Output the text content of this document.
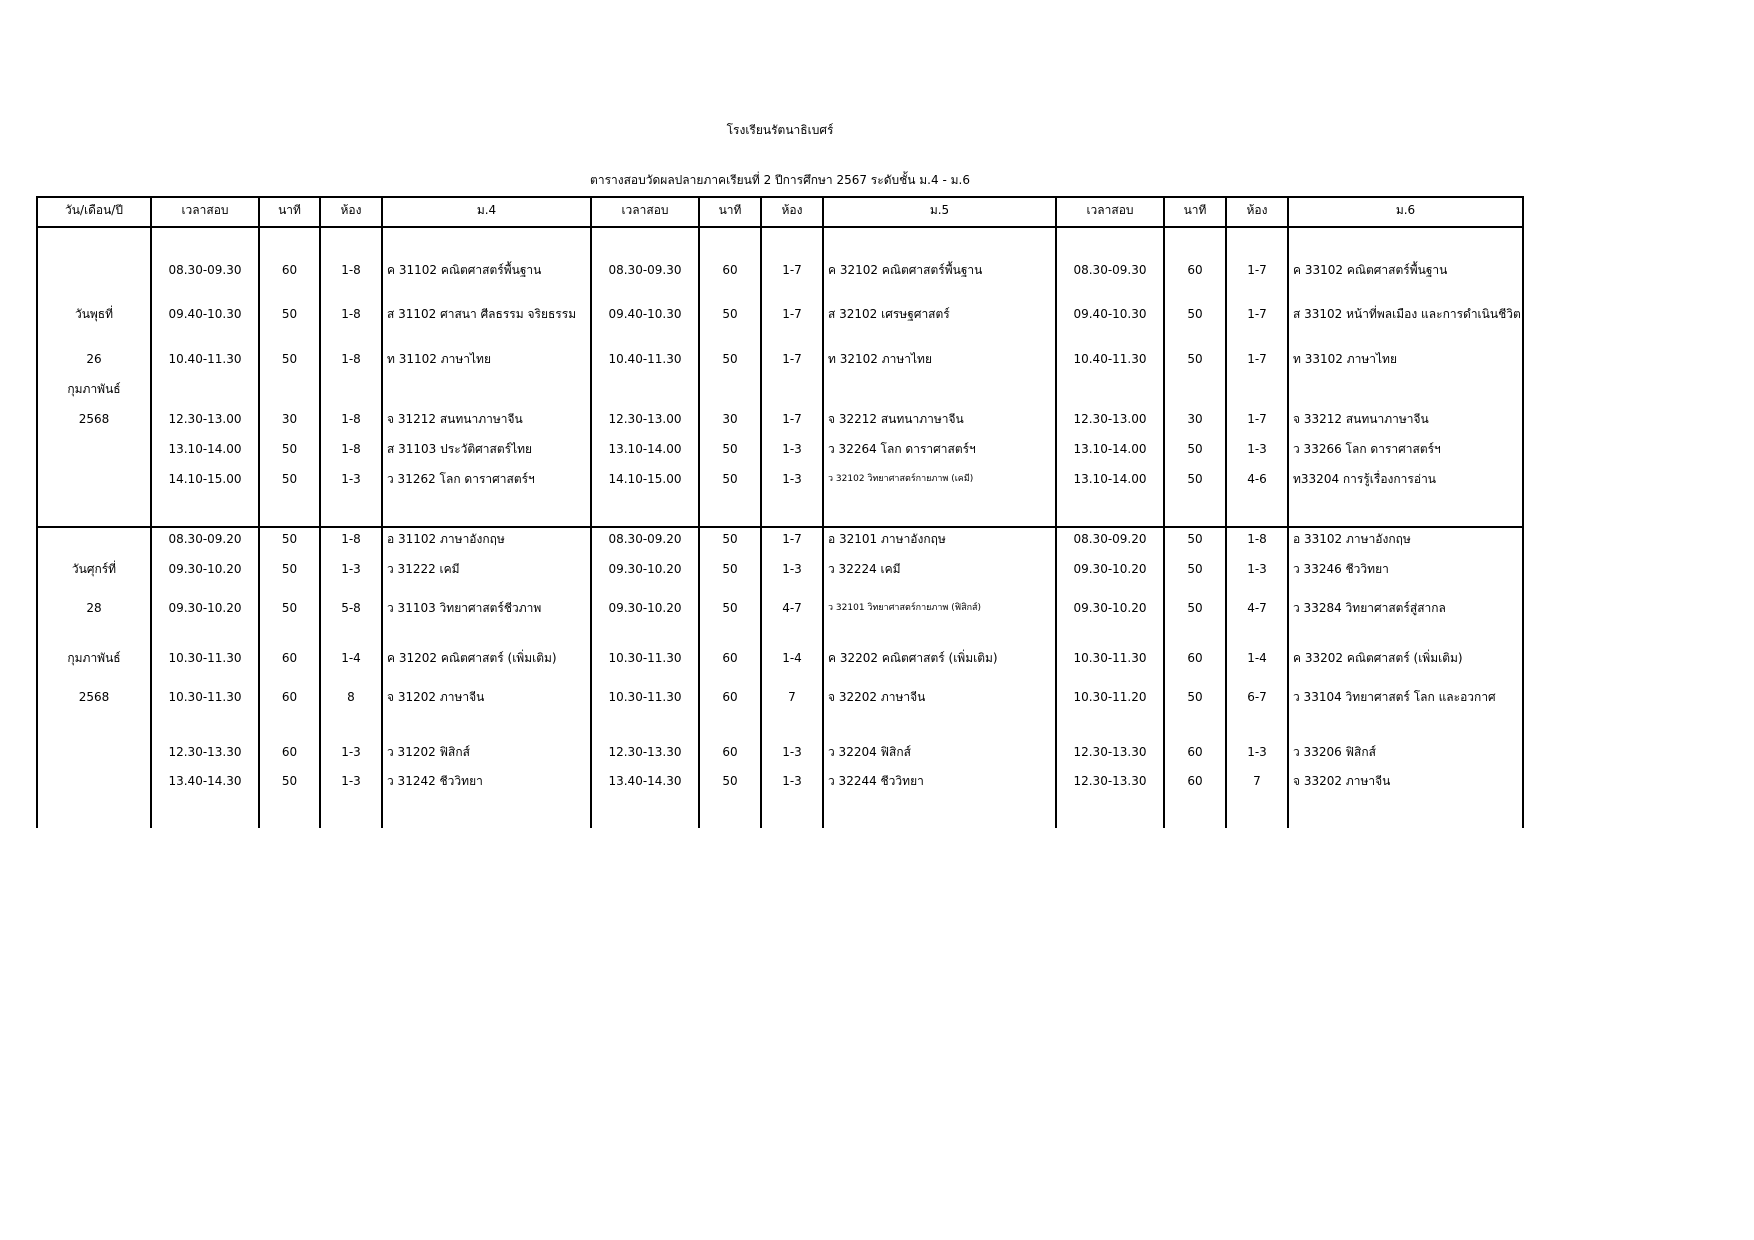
โรงเรียนรัตนาธิเบศร์
ตารางสอบวัดผลปลายภาคเรียนที่ 2 ปีการศึกษา 2567 ระดับชั้น ม.4 - ม.6
วัน/เดือน/ปี	เวลาสอบ	นาที	ห้อง	ม.4	เวลาสอบ	นาที	ห้อง	ม.5	เวลาสอบ	นาที	ห้อง	ม.6
วันพุธที่
26
กุมภาพันธ์
2568
08.30-09.30	60	1-8	ค 31102 คณิตศาสตร์พื้นฐาน	08.30-09.30	60	1-7	ค 32102 คณิตศาสตร์พื้นฐาน	08.30-09.30	60	1-7	ค 33102 คณิตศาสตร์พื้นฐาน
09.40-10.30	50	1-8	ส 31102 ศาสนา ศีลธรรม จริยธรรม	09.40-10.30	50	1-7	ส 32102 เศรษฐศาสตร์	09.40-10.30	50	1-7	ส 33102 หน้าที่พลเมือง และการดำเนินชีวิต
10.40-11.30	50	1-8	ท 31102 ภาษาไทย	10.40-11.30	50	1-7	ท 32102 ภาษาไทย	10.40-11.30	50	1-7	ท 33102 ภาษาไทย
12.30-13.00	30	1-8	จ 31212 สนทนาภาษาจีน	12.30-13.00	30	1-7	จ 32212 สนทนาภาษาจีน	12.30-13.00	30	1-7	จ 33212 สนทนาภาษาจีน
13.10-14.00	50	1-8	ส 31103 ประวัติศาสตร์ไทย	13.10-14.00	50	1-3	ว 32264 โลก ดาราศาสตร์ฯ	13.10-14.00	50	1-3	ว 33266 โลก ดาราศาสตร์ฯ
14.10-15.00	50	1-3	ว 31262 โลก ดาราศาสตร์ฯ	14.10-15.00	50	1-3	ว 32102 วิทยาศาสตร์กายภาพ (เคมี)	13.10-14.00	50	4-6	ท33204 การรู้เรื่องการอ่าน
วันศุกร์ที่
28
กุมภาพันธ์
2568
08.30-09.20	50	1-8	อ 31102 ภาษาอังกฤษ	08.30-09.20	50	1-7	อ 32101 ภาษาอังกฤษ	08.30-09.20	50	1-8	อ 33102 ภาษาอังกฤษ
09.30-10.20	50	1-3	ว 31222 เคมี	09.30-10.20	50	1-3	ว 32224 เคมี	09.30-10.20	50	1-3	ว 33246 ชีววิทยา
09.30-10.20	50	5-8	ว 31103 วิทยาศาสตร์ชีวภาพ	09.30-10.20	50	4-7	ว 32101 วิทยาศาสตร์กายภาพ (ฟิสิกส์)	09.30-10.20	50	4-7	ว 33284 วิทยาศาสตร์สู่สากล
10.30-11.30	60	1-4	ค 31202 คณิตศาสตร์ (เพิ่มเติม)	10.30-11.30	60	1-4	ค 32202 คณิตศาสตร์ (เพิ่มเติม)	10.30-11.30	60	1-4	ค 33202 คณิตศาสตร์ (เพิ่มเติม)
10.30-11.30	60	8	จ 31202 ภาษาจีน	10.30-11.30	60	7	จ 32202 ภาษาจีน	10.30-11.20	50	6-7	ว 33104 วิทยาศาสตร์ โลก และอวกาศ
12.30-13.30	60	1-3	ว 31202 ฟิสิกส์	12.30-13.30	60	1-3	ว 32204 ฟิสิกส์	12.30-13.30	60	1-3	ว 33206 ฟิสิกส์
13.40-14.30	50	1-3	ว 31242 ชีววิทยา	13.40-14.30	50	1-3	ว 32244 ชีววิทยา	12.30-13.30	60	7	จ 33202 ภาษาจีน
